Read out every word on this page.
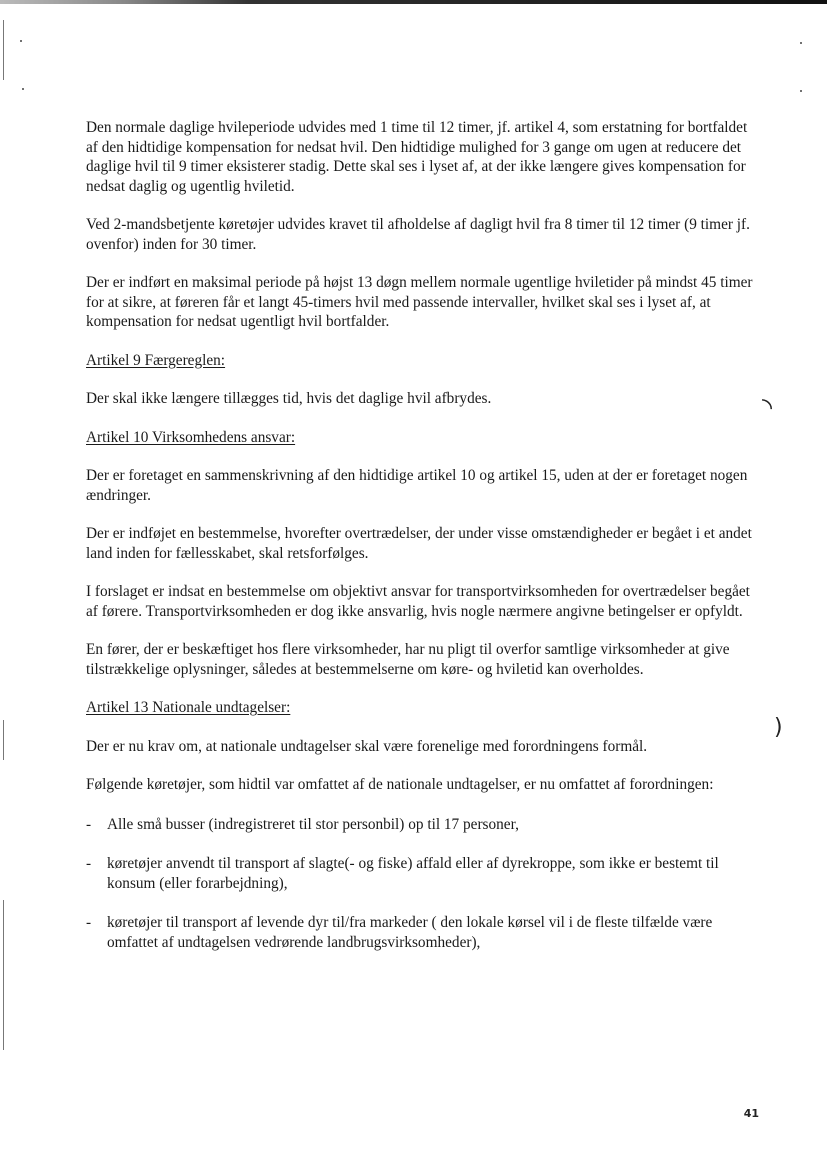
◝
)

Den normale daglige hvileperiode udvides med 1 time til 12 timer, jf. artikel 4, som erstatning for bortfaldet af den hidtidige kompensation for nedsat hvil. Den hidtidige mulighed for 3 gange om ugen at reducere det daglige hvil til 9 timer eksisterer stadig. Dette skal ses i lyset af, at der ikke længere gives kompensation for nedsat daglig og ugentlig hviletid.

Ved 2-mandsbetjente køretøjer udvides kravet til afholdelse af dagligt hvil fra 8 timer til 12 timer (9 timer jf. ovenfor) inden for 30 timer.

Der er indført en maksimal periode på højst 13 døgn mellem normale ugentlige hviletider på mindst 45 timer for at sikre, at føreren får et langt 45-timers hvil med passende intervaller, hvilket skal ses i lyset af, at kompensation for nedsat ugentligt hvil bortfalder.

Artikel 9 Færgereglen:

Der skal ikke længere tillægges tid, hvis det daglige hvil afbrydes.

Artikel 10 Virksomhedens ansvar:

Der er foretaget en sammenskrivning af den hidtidige artikel 10 og artikel 15, uden at der er foretaget nogen ændringer.

Der er indføjet en bestemmelse, hvorefter overtrædelser, der under visse omstændigheder er begået i et andet land inden for fællesskabet, skal retsforfølges.

I forslaget er indsat en bestemmelse om objektivt ansvar for transportvirksomheden for overtrædelser begået af førere. Transportvirksomheden er dog ikke ansvarlig, hvis nogle nærmere angivne betingelser er opfyldt.

En fører, der er beskæftiget hos flere virksomheder, har nu pligt til overfor samtlige virksomheder at give tilstrækkelige oplysninger, således at bestemmelserne om køre- og hviletid kan overholdes.

Artikel 13 Nationale undtagelser:

Der er nu krav om, at nationale undtagelser skal være forenelige med forordningens formål.

Følgende køretøjer, som hidtil var omfattet af de nationale undtagelser, er nu omfattet af forordningen:

-	Alle små busser (indregistreret til stor personbil) op til 17 personer,
-	køretøjer anvendt til transport af slagte(- og fiske) affald eller af dyrekroppe, som ikke er bestemt til konsum (eller forarbejdning),
-	køretøjer til transport af levende dyr til/fra markeder ( den lokale kørsel vil i de fleste tilfælde være omfattet af undtagelsen vedrørende landbrugsvirksomheder),
41
